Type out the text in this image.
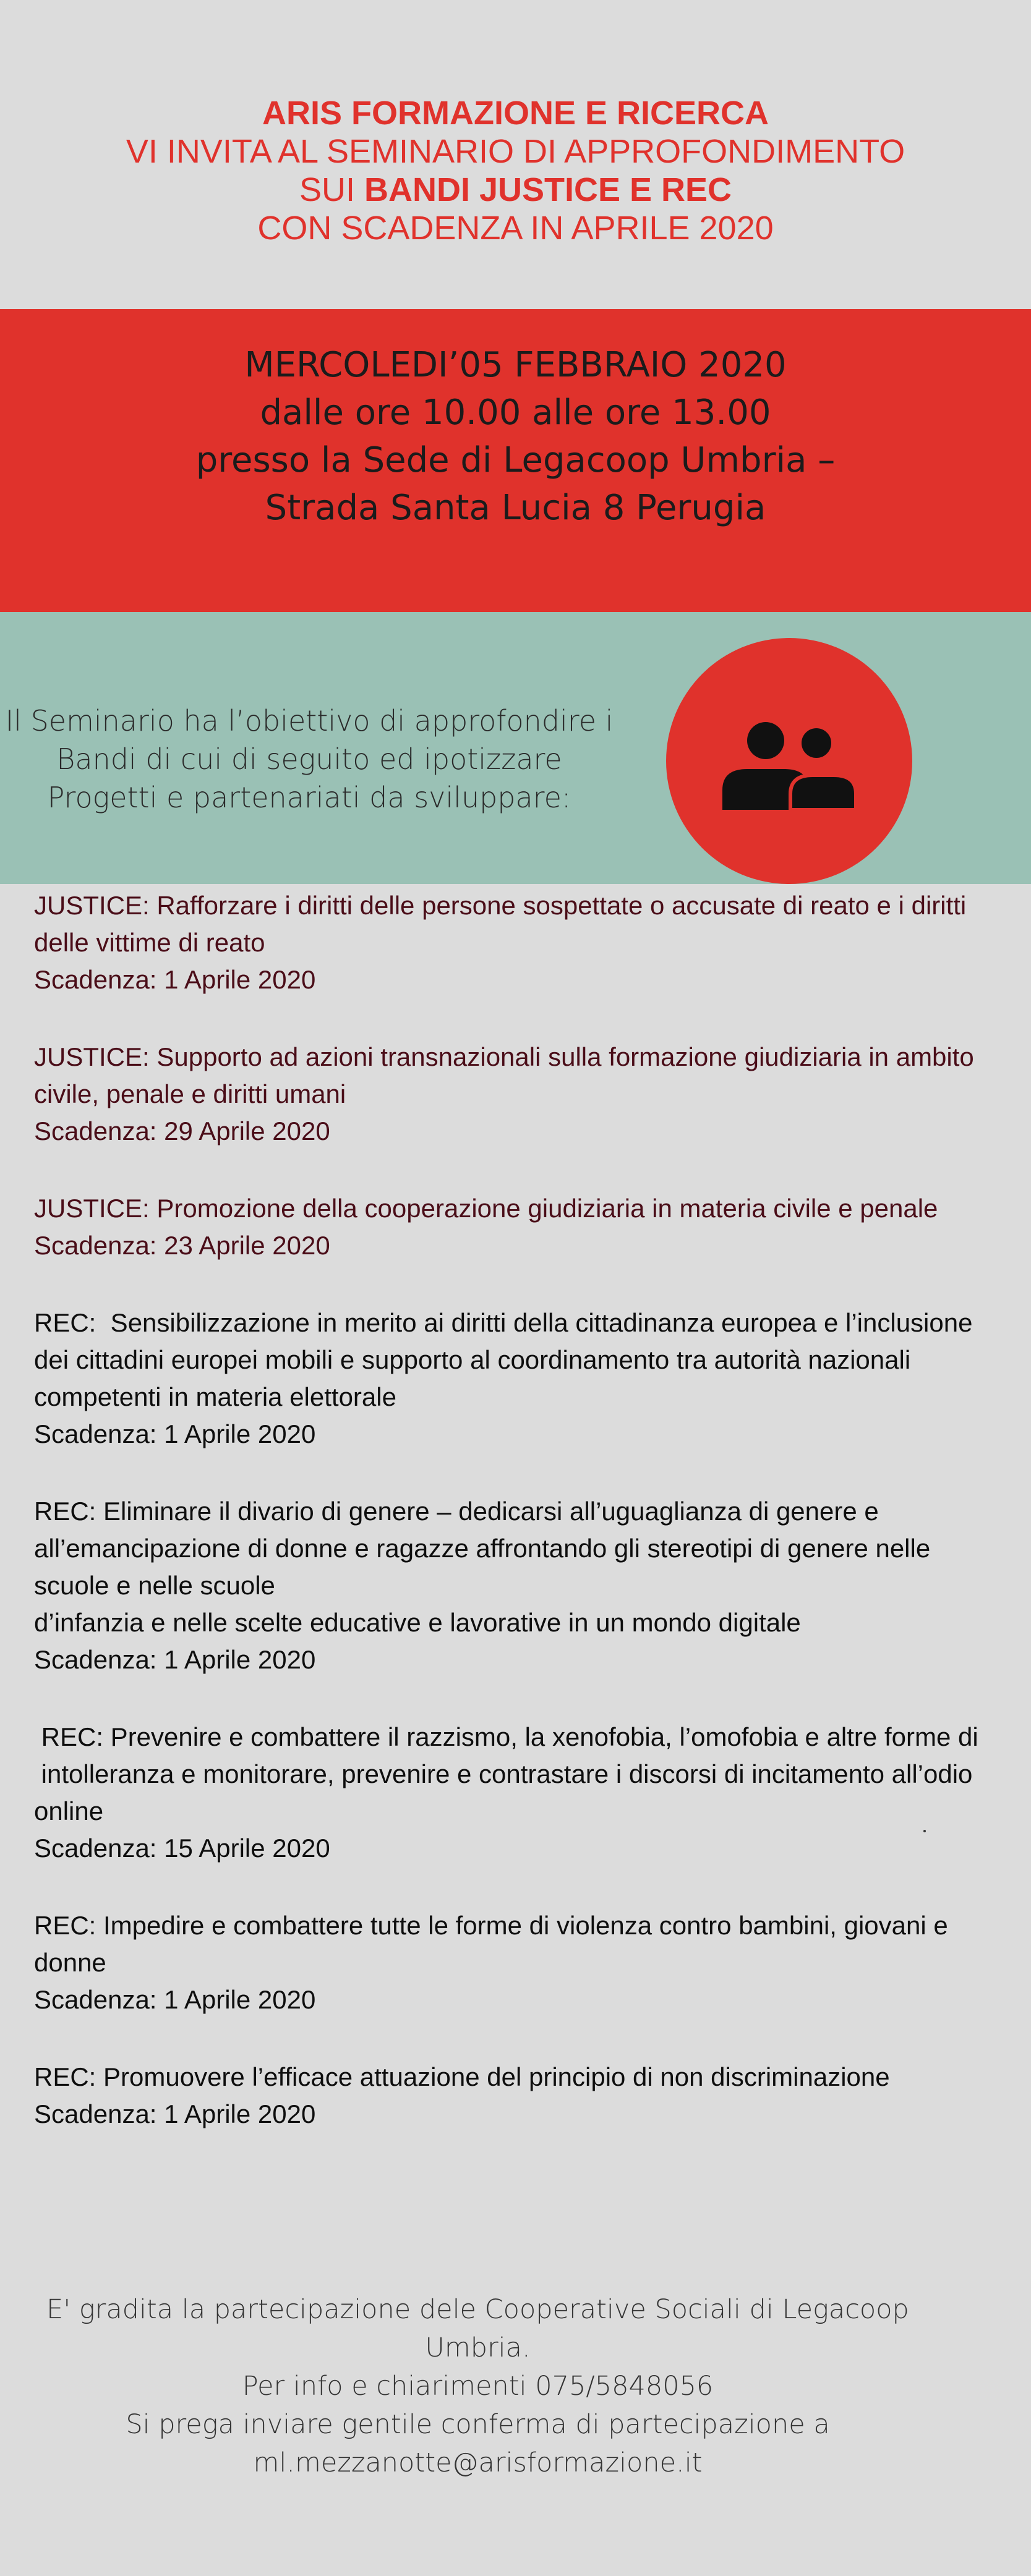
ARIS FORMAZIONE E RICERCA
VI INVITA AL SEMINARIO DI APPROFONDIMENTO
SUI BANDI JUSTICE E REC
CON SCADENZA IN APRILE 2020
MERCOLEDI’05 FEBBRAIO 2020
dalle ore 10.00 alle ore 13.00
presso la Sede di Legacoop Umbria –
Strada Santa Lucia 8 Perugia
Il Seminario ha l’obiettivo di approfondire i
Bandi di cui di seguito ed ipotizzare
Progetti e partenariati da sviluppare:
JUSTICE: Rafforzare i diritti delle persone sospettate o accusate di reato e i diritti
delle vittime di reato
Scadenza: 1 Aprile 2020
JUSTICE: Supporto ad azioni transnazionali sulla formazione giudiziaria in ambito
civile, penale e diritti umani
Scadenza: 29 Aprile 2020
JUSTICE: Promozione della cooperazione giudiziaria in materia civile e penale
Scadenza: 23 Aprile 2020
REC:  Sensibilizzazione in merito ai diritti della cittadinanza europea e l’inclusione
dei cittadini europei mobili e supporto al coordinamento tra autorità nazionali
competenti in materia elettorale
Scadenza: 1 Aprile 2020
REC: Eliminare il divario di genere – dedicarsi all’uguaglianza di genere e
all’emancipazione di donne e ragazze affrontando gli stereotipi di genere nelle
scuole e nelle scuole
d’infanzia e nelle scelte educative e lavorative in un mondo digitale
Scadenza: 1 Aprile 2020
REC: Prevenire e combattere il razzismo, la xenofobia, l’omofobia e altre forme di
intolleranza e monitorare, prevenire e contrastare i discorsi di incitamento all’odio
online
Scadenza: 15 Aprile 2020
REC: Impedire e combattere tutte le forme di violenza contro bambini, giovani e
donne
Scadenza: 1 Aprile 2020
REC: Promuovere l’efficace attuazione del principio di non discriminazione
Scadenza: 1 Aprile 2020
E' gradita la partecipazione dele Cooperative Sociali di Legacoop Umbria.
Per info e chiarimenti 075/5848056
Si prega inviare gentile conferma di partecipazione a
ml.mezzanotte@arisformazione.it
